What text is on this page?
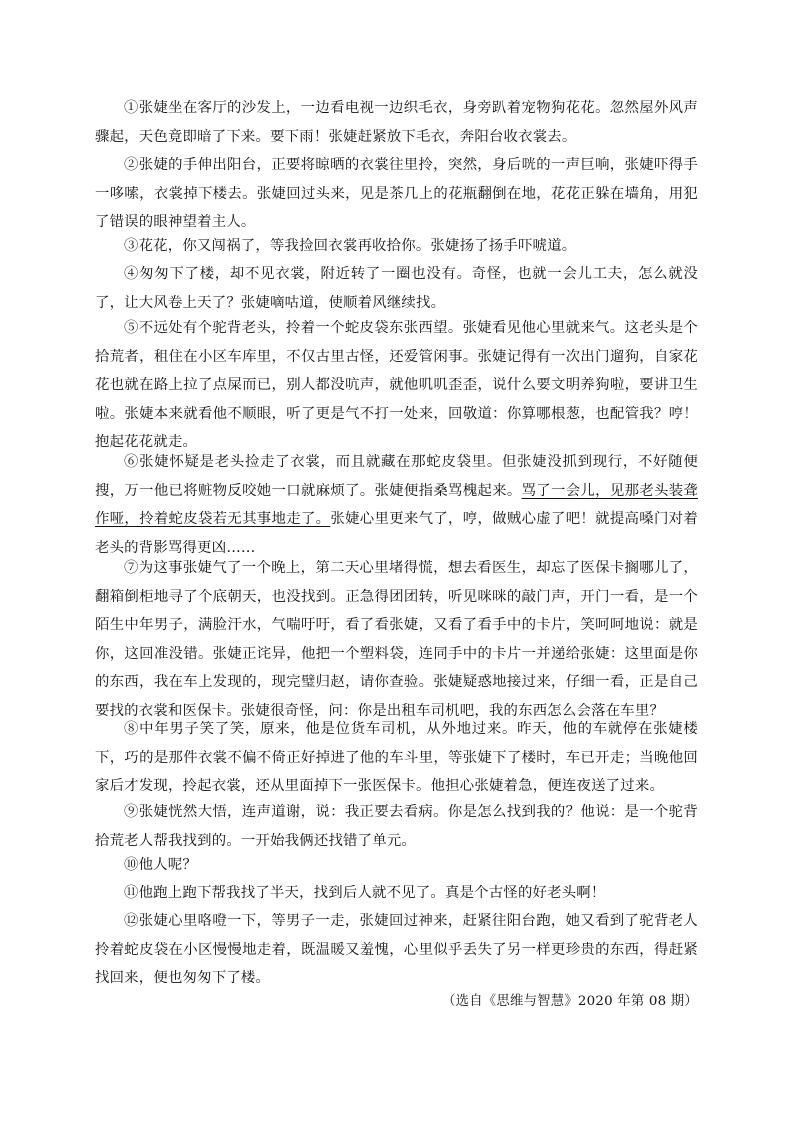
①张婕坐在客厅的沙发上，一边看电视一边织毛衣，身旁趴着宠物狗花花。忽然屋外风声骤起，天色竟即暗了下来。要下雨！张婕赶紧放下毛衣，奔阳台收衣裳去。

②张婕的手伸出阳台，正要将晾晒的衣裳往里拎，突然，身后咣的一声巨响，张婕吓得手一哆嗦，衣裳掉下楼去。张婕回过头来，见是茶几上的花瓶翻倒在地，花花正躲在墙角，用犯了错误的眼神望着主人。

③花花，你又闯祸了，等我捡回衣裳再收拾你。张婕扬了扬手吓唬道。

④匆匆下了楼，却不见衣裳，附近转了一圈也没有。奇怪，也就一会儿工夫，怎么就没了，让大风卷上天了？张婕嘀咕道，使顺着风继续找。

⑤不远处有个驼背老头，拎着一个蛇皮袋东张西望。张婕看见他心里就来气。这老头是个拾荒者，租住在小区车库里，不仅古里古怪，还爱管闲事。张婕记得有一次出门遛狗，自家花花也就在路上拉了点屎而已，别人都没吭声，就他叽叽歪歪，说什么要文明养狗啦，要讲卫生啦。张婕本来就看他不顺眼，听了更是气不打一处来，回敬道：你算哪根葱，也配管我？哼！抱起花花就走。

⑥张婕怀疑是老头捡走了衣裳，而且就藏在那蛇皮袋里。但张婕没抓到现行，不好随便搜，万一他已将赃物反咬她一口就麻烦了。张婕便指桑骂槐起来。骂了一会儿，见那老头装聋作哑，拎着蛇皮袋若无其事地走了。张婕心里更来气了，哼，做贼心虚了吧！就提高嗓门对着老头的背影骂得更凶……

⑦为这事张婕气了一个晚上，第二天心里堵得慌，想去看医生，却忘了医保卡搁哪儿了，翻箱倒柜地寻了个底朝天，也没找到。正急得团团转，听见咪咪的敲门声，开门一看，是一个陌生中年男子，满脸汗水，气喘吁吁，看了看张婕，又看了看手中的卡片，笑呵呵地说：就是你，这回准没错。张婕正诧异，他把一个塑料袋，连同手中的卡片一并递给张婕：这里面是你的东西，我在车上发现的，现完璧归赵，请你查验。张婕疑惑地接过来，仔细一看，正是自己要找的衣裳和医保卡。张婕很奇怪，问：你是出租车司机吧，我的东西怎么会落在车里？

⑧中年男子笑了笑，原来，他是位货车司机，从外地过来。昨天，他的车就停在张婕楼下，巧的是那件衣裳不偏不倚正好掉进了他的车斗里，等张婕下了楼时，车已开走；当晚他回家后才发现，拎起衣裳，还从里面掉下一张医保卡。他担心张婕着急，便连夜送了过来。

⑨张婕恍然大悟，连声道谢，说：我正要去看病。你是怎么找到我的？他说：是一个驼背拾荒老人帮我找到的。一开始我俩还找错了单元。

⑩他人呢？

⑪他跑上跑下帮我找了半天，找到后人就不见了。真是个古怪的好老头啊！

⑫张婕心里咯噔一下，等男子一走，张婕回过神来，赶紧往阳台跑，她又看到了驼背老人拎着蛇皮袋在小区慢慢地走着，既温暖又羞愧，心里似乎丢失了另一样更珍贵的东西，得赶紧找回来，便也匆匆下了楼。

（选自《思维与智慧》2020 年第 08 期）
